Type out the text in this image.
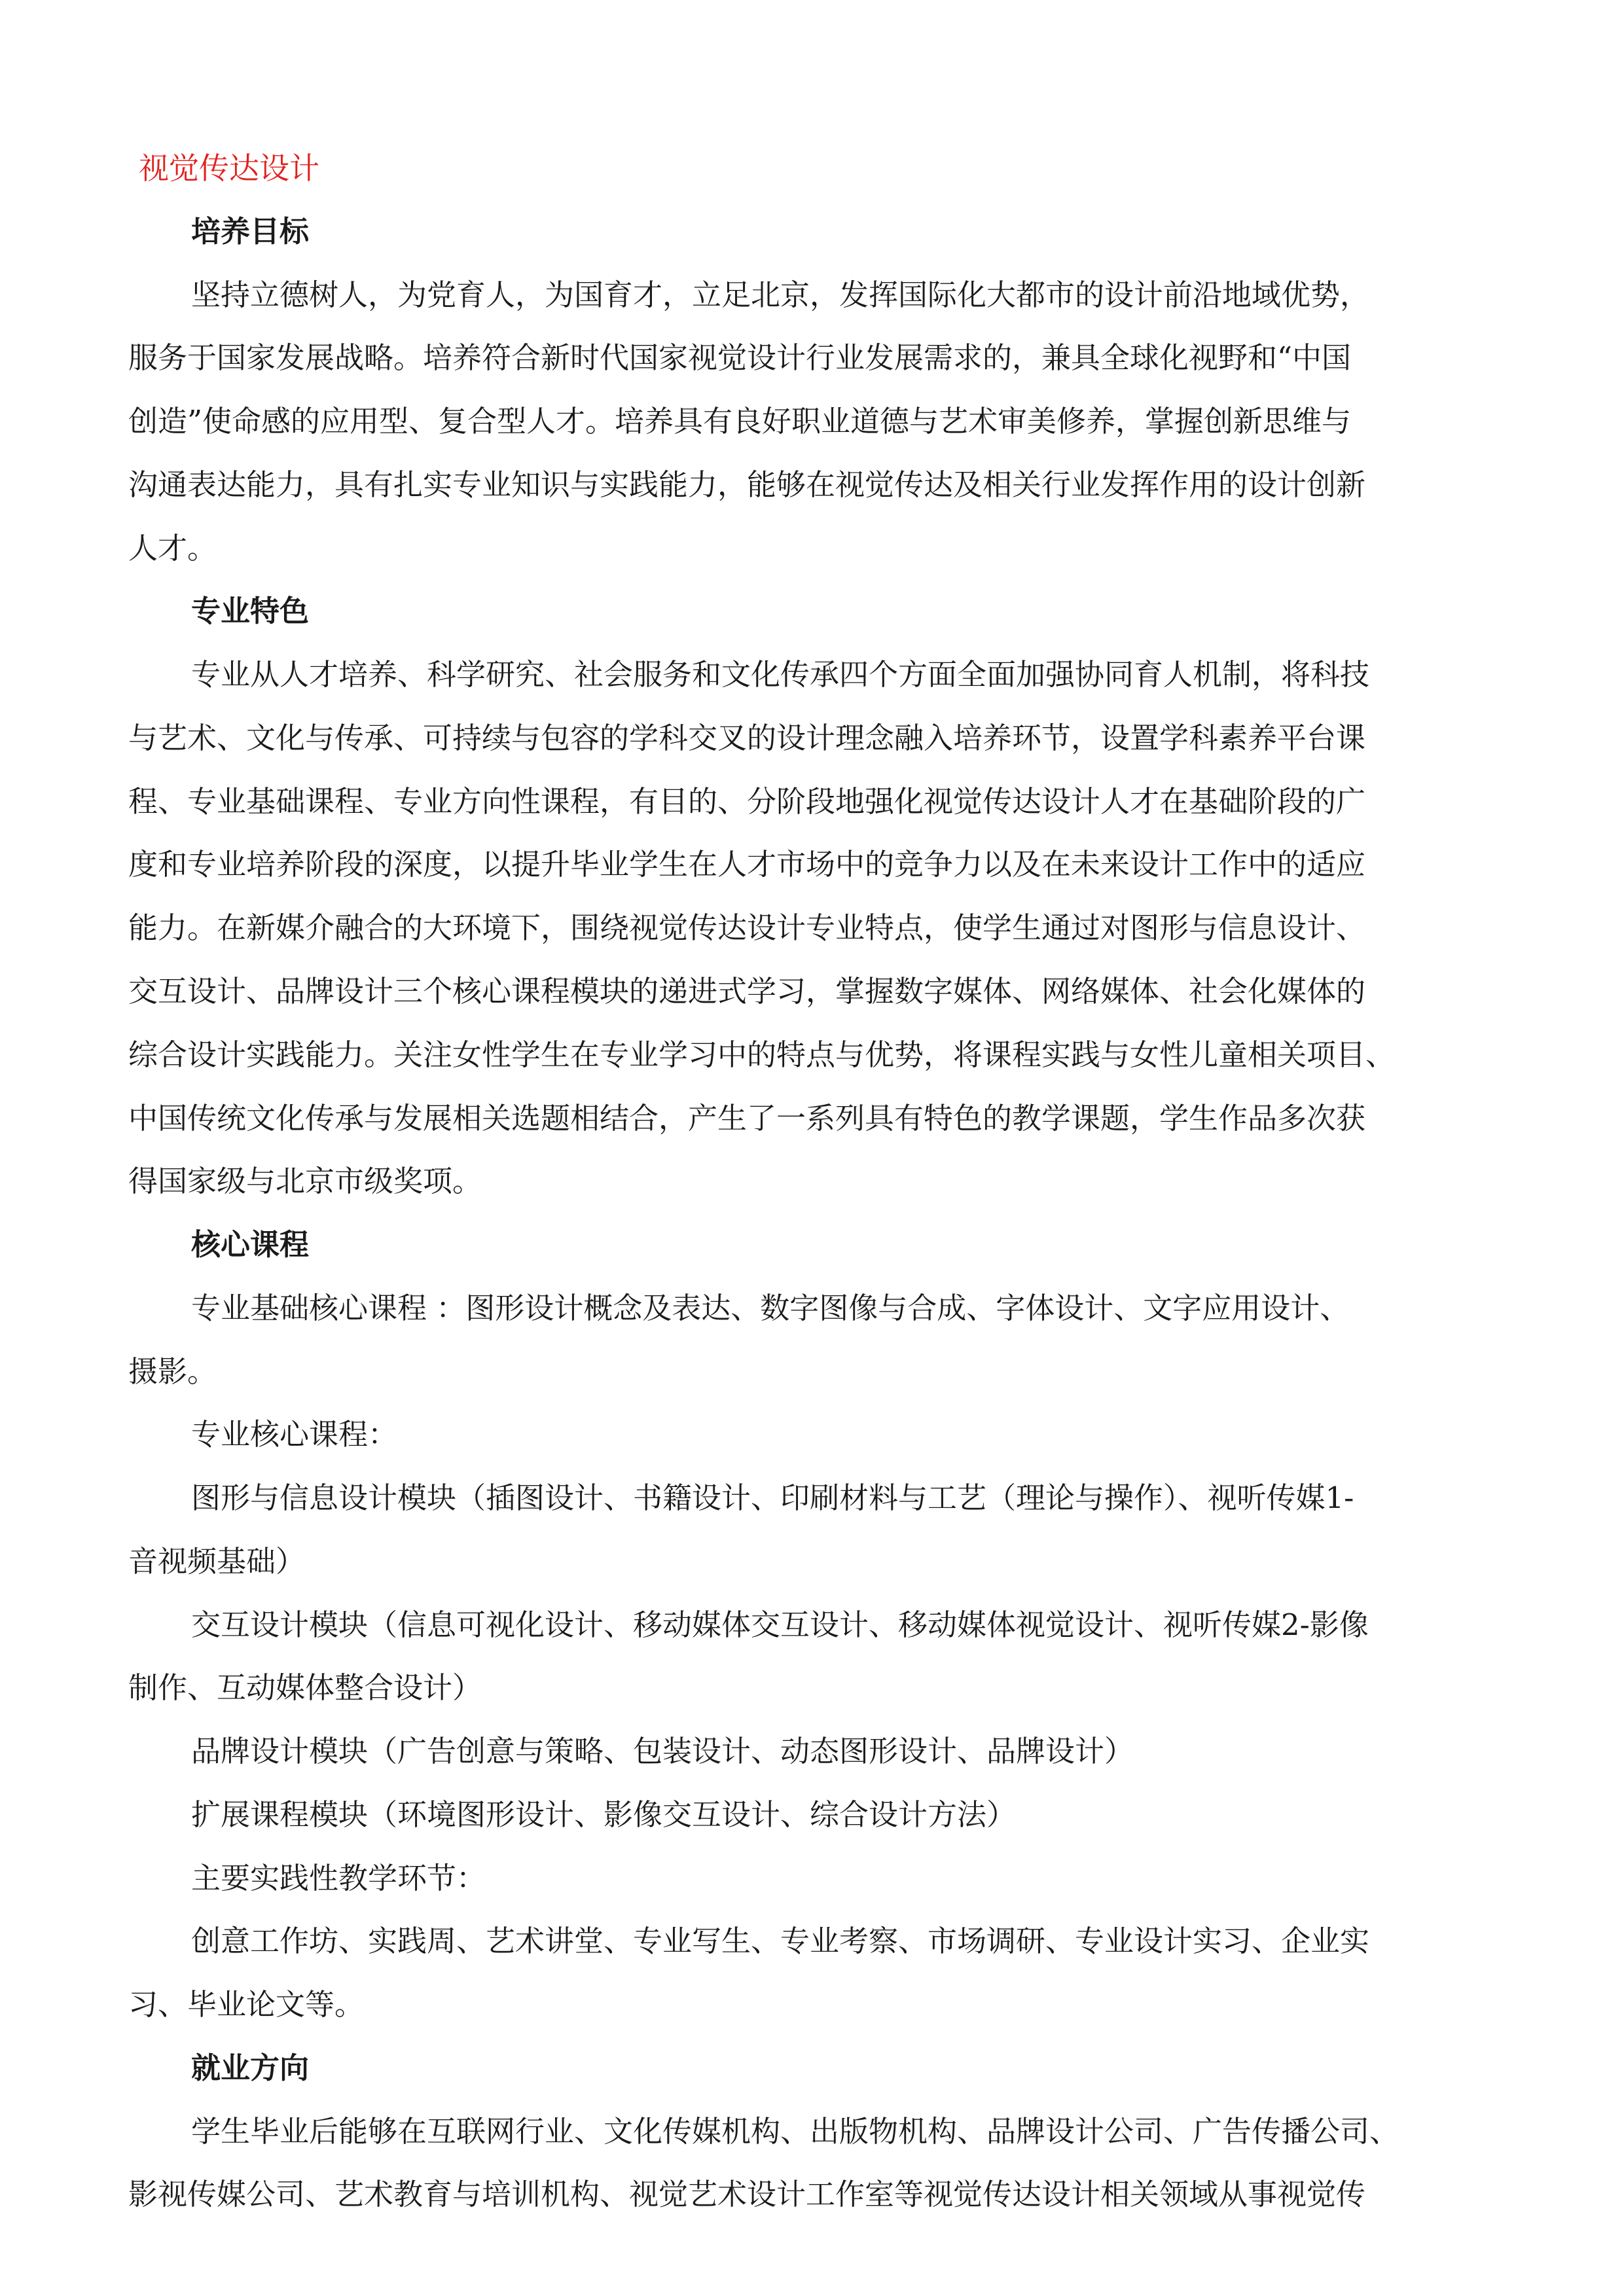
视觉传达设计
培养目标
坚持立德树人，为党育人，为国育才，立足北京，发挥国际化大都市的设计前沿地域优势，
服务于国家发展战略。培养符合新时代国家视觉设计行业发展需求的，兼具全球化视野和“中国
创造”使命感的应用型、复合型人才。培养具有良好职业道德与艺术审美修养，掌握创新思维与
沟通表达能力，具有扎实专业知识与实践能力，能够在视觉传达及相关行业发挥作用的设计创新
人才。
专业特色
专业从人才培养、科学研究、社会服务和文化传承四个方面全面加强协同育人机制，将科技
与艺术、文化与传承、可持续与包容的学科交叉的设计理念融入培养环节，设置学科素养平台课
程、专业基础课程、专业方向性课程，有目的、分阶段地强化视觉传达设计人才在基础阶段的广
度和专业培养阶段的深度，以提升毕业学生在人才市场中的竞争力以及在未来设计工作中的适应
能力。在新媒介融合的大环境下，围绕视觉传达设计专业特点，使学生通过对图形与信息设计、
交互设计、品牌设计三个核心课程模块的递进式学习，掌握数字媒体、网络媒体、社会化媒体的
综合设计实践能力。关注女性学生在专业学习中的特点与优势，将课程实践与女性儿童相关项目、
中国传统文化传承与发展相关选题相结合，产生了一系列具有特色的教学课题，学生作品多次获
得国家级与北京市级奖项。
核心课程
专业基础核心课程 ：图形设计概念及表达、数字图像与合成、字体设计、文字应用设计、
摄影。
专业核心课程：
图形与信息设计模块（插图设计、书籍设计、印刷材料与工艺（理论与操作）、视听传媒1-
音视频基础）
交互设计模块（信息可视化设计、移动媒体交互设计、移动媒体视觉设计、视听传媒2-影像
制作、互动媒体整合设计）
品牌设计模块（广告创意与策略、包装设计、动态图形设计、品牌设计）
扩展课程模块（环境图形设计、影像交互设计、综合设计方法）
主要实践性教学环节：
创意工作坊、实践周、艺术讲堂、专业写生、专业考察、市场调研、专业设计实习、企业实
习、毕业论文等。
就业方向
学生毕业后能够在互联网行业、文化传媒机构、出版物机构、品牌设计公司、广告传播公司、
影视传媒公司、艺术教育与培训机构、视觉艺术设计工作室等视觉传达设计相关领域从事视觉传
